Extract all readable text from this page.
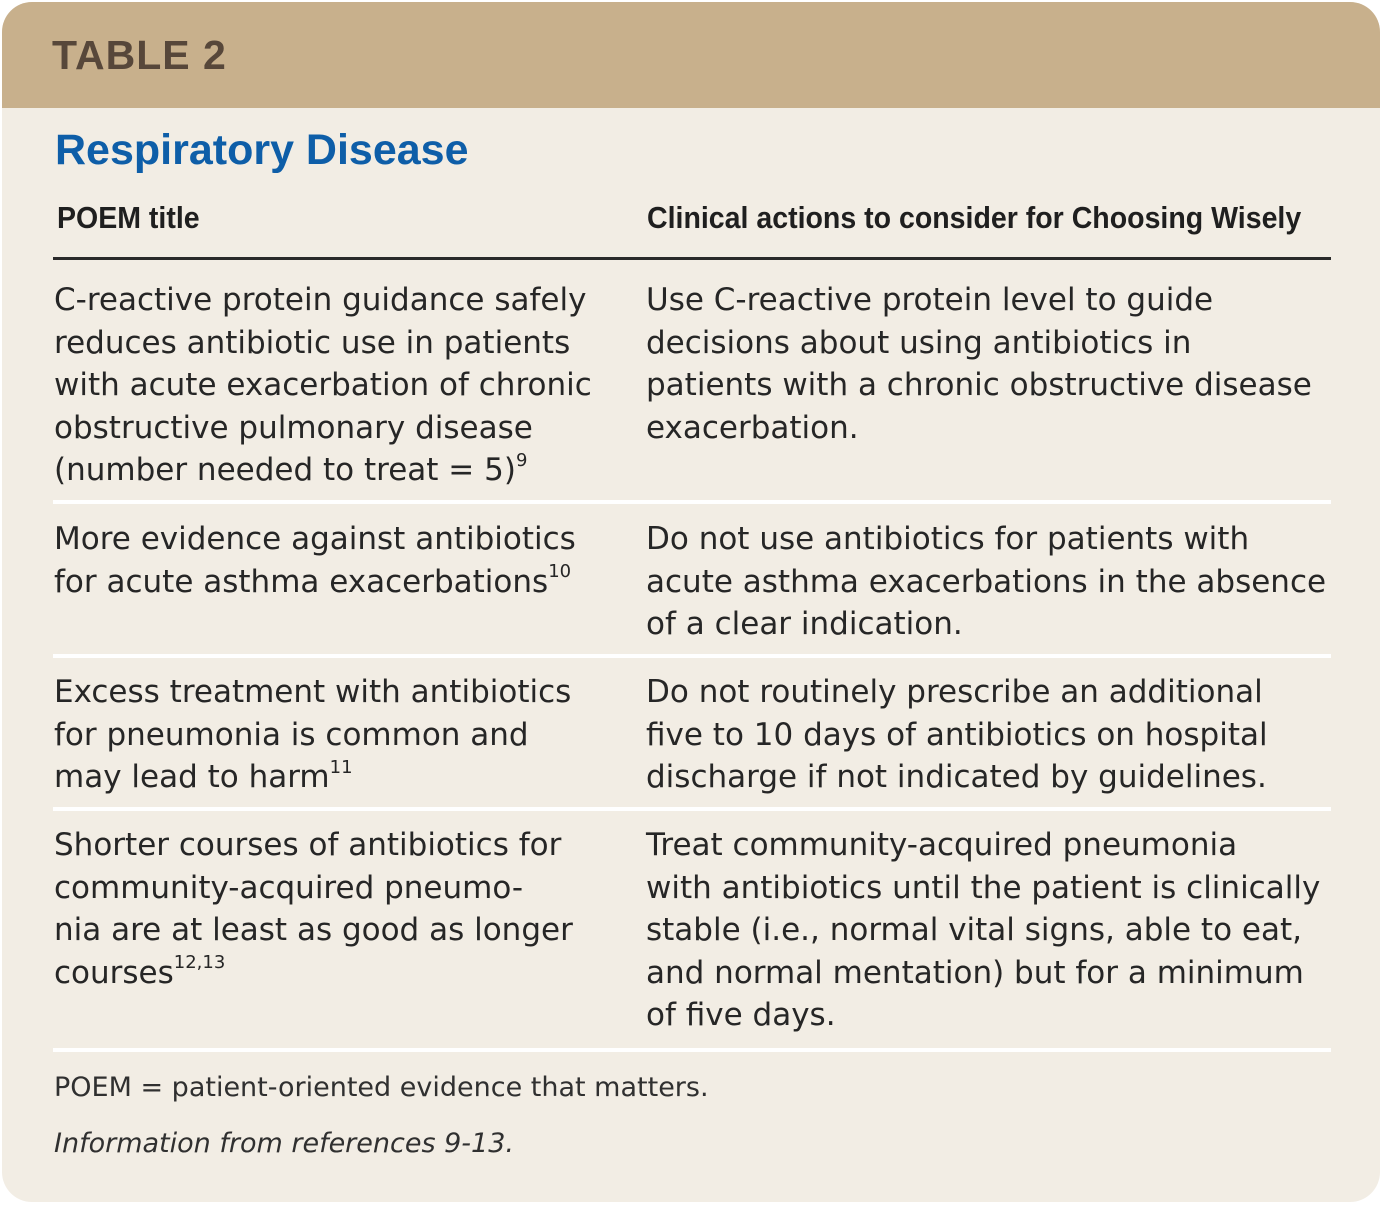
TABLE 2
Respiratory Disease
POEM title	Clinical actions to consider for Choosing Wisely
C-reactive protein guidance safely
reduces antibiotic use in patients
with acute exacerbation of chronic
obstructive pulmonary disease
(number needed to treat = 5)$^9$
Use C-reactive protein level to guide
decisions about using antibiotics in
patients with a chronic obstructive disease
exacerbation.
More evidence against antibiotics
for acute asthma exacerbations$^{10}$
Do not use antibiotics for patients with
acute asthma exacerbations in the absence
of a clear indication.
Excess treatment with antibiotics
for pneumonia is common and
may lead to harm$^{11}$
Do not routinely prescribe an additional
five to 10 days of antibiotics on hospital
discharge if not indicated by guidelines.
Shorter courses of antibiotics for
community-acquired pneumo-
nia are at least as good as longer
courses$^{12,13}$
Treat community-acquired pneumonia
with antibiotics until the patient is clinically
stable (i.e., normal vital signs, able to eat,
and normal mentation) but for a minimum
of five days.
POEM = patient-oriented evidence that matters.
Information from references 9-13.
